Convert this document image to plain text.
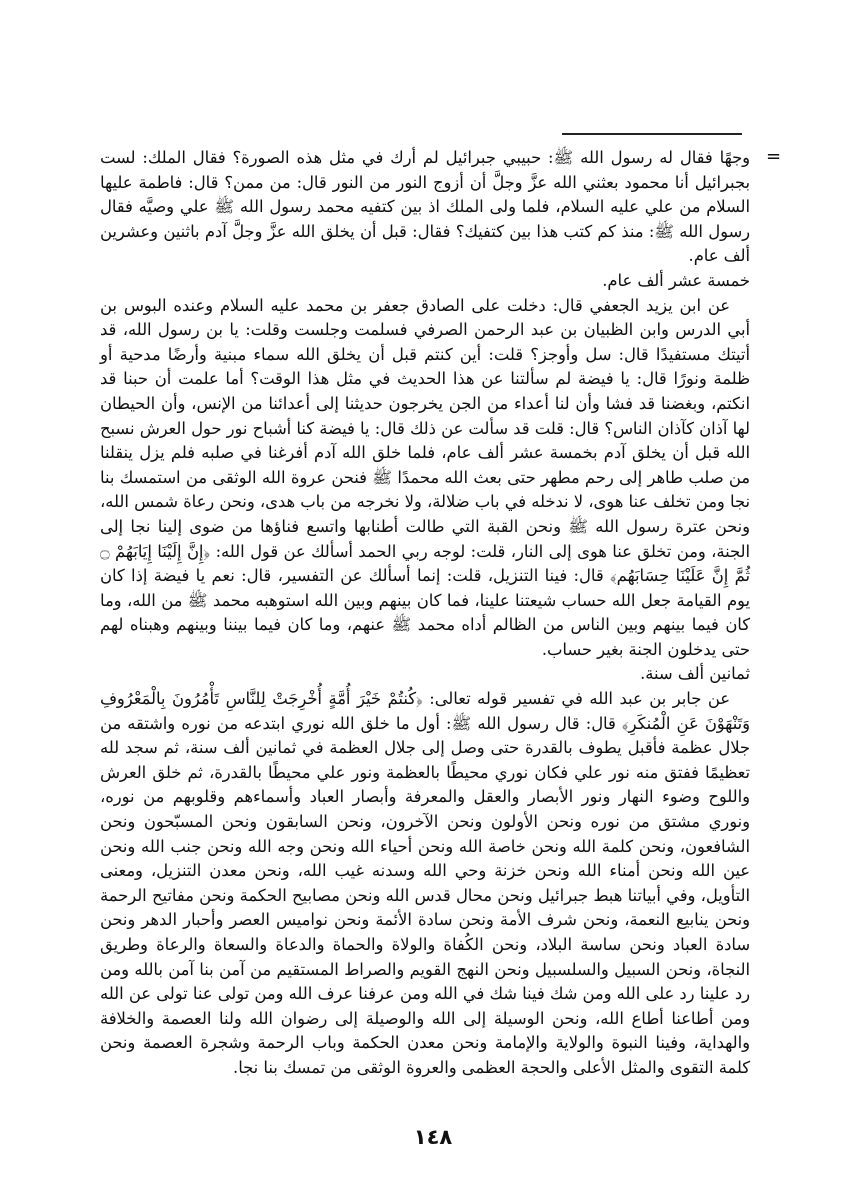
=

وجهًا فقال له رسول الله ﷺ: حبيبي جبرائيل لم أرك في مثل هذه الصورة؟ فقال الملك: لست بجبرائيل أنا محمود بعثني الله عزَّ وجلَّ أن أزوج النور من النور قال: من ممن؟ قال: فاطمة عليها السلام من علي عليه السلام، فلما ولى الملك اذ بين كتفيه محمد رسول الله ﷺ علي وصيَّه فقال رسول الله ﷺ: منذ كم كتب هذا بين كتفيك؟ فقال: قبل أن يخلق الله عزَّ وجلَّ آدم باثنين وعشرين ألف عام.

خمسة عشر ألف عام.

عن ابن يزيد الجعفي قال: دخلت على الصادق جعفر بن محمد عليه السلام وعنده البوس بن أبي الدرس وابن الظبيان بن عبد الرحمن الصرفي فسلمت وجلست وقلت: يا بن رسول الله، قد أتيتك مستفيدًا قال: سل وأوجز؟ قلت: أين كنتم قبل أن يخلق الله سماء مبنية وأرضًا مدحية أو ظلمة ونورًا قال: يا فيضة لم سألتنا عن هذا الحديث في مثل هذا الوقت؟ أما علمت أن حبنا قد انكتم، وبغضنا قد فشا وأن لنا أعداء من الجن يخرجون حديثنا إلى أعدائنا من الإنس، وأن الحيطان لها آذان كآذان الناس؟ قال: قلت قد سألت عن ذلك قال: يا فيضة كنا أشباح نور حول العرش نسبح الله قبل أن يخلق آدم بخمسة عشر ألف عام، فلما خلق الله آدم أفرغنا في صلبه فلم يزل ينقلنا من صلب طاهر إلى رحم مطهر حتى بعث الله محمدًا ﷺ فنحن عروة الله الوثقى من استمسك بنا نجا ومن تخلف عنا هوى، لا ندخله في باب ضلالة، ولا نخرجه من باب هدى، ونحن رعاة شمس الله، ونحن عترة رسول الله ﷺ ونحن القبة التي طالت أطنابها واتسع فناؤها من ضوى إلينا نجا إلى الجنة، ومن تخلق عنا هوى إلى النار، قلت: لوجه ربي الحمد أسألك عن قول الله: ﴿إِنَّ إِلَيْنَا إِيَابَهُمْ ۝ ثُمَّ إِنَّ عَلَيْنَا حِسَابَهُم﴾ قال: فينا التنزيل، قلت: إنما أسألك عن التفسير، قال: نعم يا فيضة إذا كان يوم القيامة جعل الله حساب شيعتنا علينا، فما كان بينهم وبين الله استوهبه محمد ﷺ من الله، وما كان فيما بينهم وبين الناس من الظالم أداه محمد ﷺ عنهم، وما كان فيما بيننا وبينهم وهبناه لهم حتى يدخلون الجنة بغير حساب.

ثمانين ألف سنة.

عن جابر بن عبد الله في تفسير قوله تعالى: ﴿كُنتُمْ خَيْرَ أُمَّةٍ أُخْرِجَتْ لِلنَّاسِ تَأْمُرُونَ بِالْمَعْرُوفِ وَتَنْهَوْنَ عَنِ الْمُنكَرِ﴾ قال: قال رسول الله ﷺ: أول ما خلق الله نوري ابتدعه من نوره واشتقه من جلال عظمة فأقبل يطوف بالقدرة حتى وصل إلى جلال العظمة في ثمانين ألف سنة، ثم سجد لله تعظيمًا ففتق منه نور علي فكان نوري محيطًا بالعظمة ونور علي محيطًا بالقدرة، ثم خلق العرش واللوح وضوء النهار ونور الأبصار والعقل والمعرفة وأبصار العباد وأسماءهم وقلوبهم من نوره، ونوري مشتق من نوره ونحن الأولون ونحن الآخرون، ونحن السابقون ونحن المسبّحون ونحن الشافعون، ونحن كلمة الله ونحن خاصة الله ونحن أحياء الله ونحن وجه الله ونحن جنب الله ونحن عين الله ونحن أمناء الله ونحن خزنة وحي الله وسدنه غيب الله، ونحن معدن التنزيل، ومعنى التأويل، وفي أبياتنا هبط جبرائيل ونحن محال قدس الله ونحن مصابيح الحكمة ونحن مفاتيح الرحمة ونحن ينابيع النعمة، ونحن شرف الأمة ونحن سادة الأئمة ونحن نواميس العصر وأحبار الدهر ونحن سادة العباد ونحن ساسة البلاد، ونحن الكُفاة والولاة والحماة والدعاة والسعاة والرعاة وطريق النجاة، ونحن السبيل والسلسبيل ونحن النهج القويم والصراط المستقيم من آمن بنا آمن بالله ومن رد علينا رد على الله ومن شك فينا شك في الله ومن عرفنا عرف الله ومن تولى عنا تولى عن الله ومن أطاعنا أطاع الله، ونحن الوسيلة إلى الله والوصيلة إلى رضوان الله ولنا العصمة والخلافة والهداية، وفينا النبوة والولاية والإمامة ونحن معدن الحكمة وباب الرحمة وشجرة العصمة ونحن كلمة التقوى والمثل الأعلى والحجة العظمى والعروة الوثقى من تمسك بنا نجا.

١٤٨
